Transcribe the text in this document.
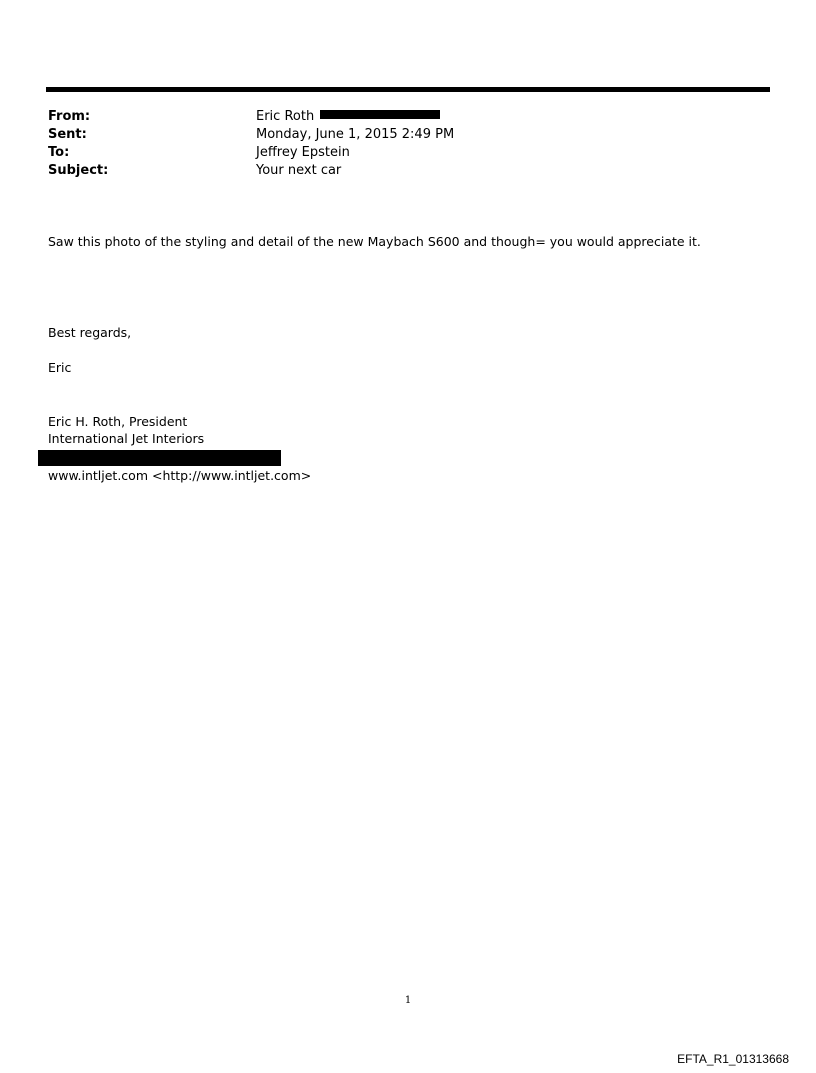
From:	Eric Roth
Sent:	Monday, June 1, 2015 2:49 PM
To:	Jeffrey Epstein
Subject:	Your next car
Saw this photo of the styling and detail of the new Maybach S600 and though= you would appreciate it.
Best regards,
Eric
Eric H. Roth, President
International Jet Interiors
www.intljet.com <http://www.intljet.com>
1
EFTA_R1_01313668
